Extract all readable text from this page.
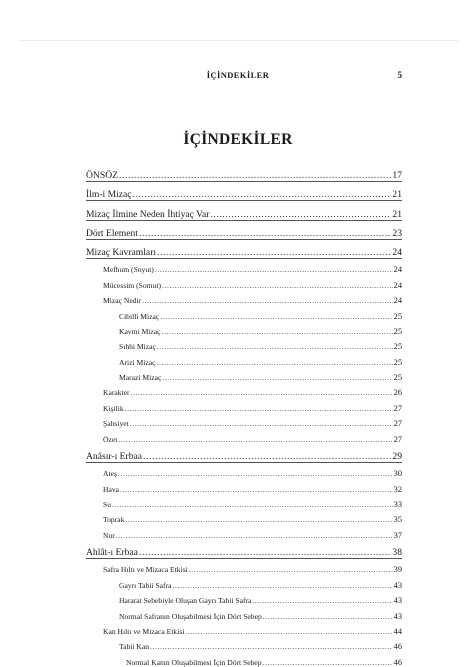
İÇİNDEKİLER	5
İÇİNDEKİLER
ÖNSÖZ .....	17
İlm-i Mizaç .....	21
Mizaç İlmine Neden İhtiyaç Var .....	21
Dört Element .....	23
Mizaç Kavramları .....	24
Mefhum (Soyut) .....	24
Mücessim (Somut) .....	24
Mizaç Nedir .....	24
Cibilli Mizaç .....	25
Kavmi Mizaç .....	25
Sıhhi Mizaç .....	25
Arizi Mizaç .....	25
Marazi Mizaç .....	25
Karakter .....	26
Kişilik .....	27
Şahsiyet .....	27
Özet .....	27
Anâsır-ı Erbaa .....	29
Ateş .....	30
Hava .....	32
Su .....	33
Toprak .....	35
Nur .....	37
Ahlât-ı Erbaa .....	38
Safra Hıltı ve Mizaca Etkisi .....	39
Gayrı Tabii Safra .....	43
Hararat Sebebiyle Oluşan Gayrı Tabii Safra .....	43
Normal Safranın Oluşabilmesi İçin Dört Sebep .....	43
Kan Hıltı ve Mizaca Etkisi .....	44
Tabii Kan .....	46
Normal Kanın Oluşabilmesi İçin Dört Sebep .....	46
